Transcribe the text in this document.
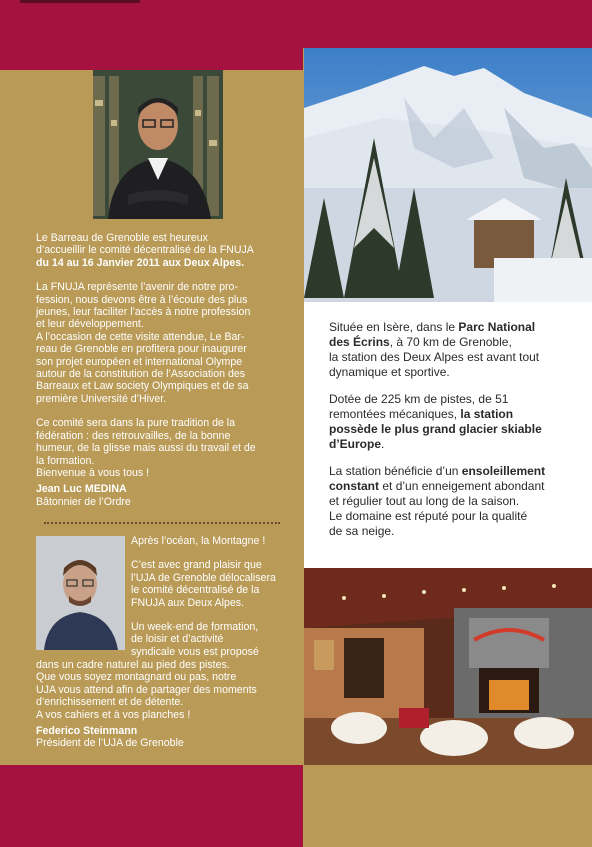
Située en Isère, dans le Parc National
des Écrins, à 70 km de Grenoble,
la station des Deux Alpes est avant tout
dynamique et sportive.

Dotée de 225 km de pistes, de 51
remontées mécaniques, la station
possède le plus grand glacier skiable
d’Europe.

La station bénéficie d’un ensoleillement
constant et d’un enneigement abondant
et régulier tout au long de la saison.
Le domaine est réputé pour la qualité
de sa neige.

Le Barreau de Grenoble est heureux
d’accueillir le comité décentralisé de la FNUJA
du 14 au 16 Janvier 2011 aux Deux Alpes.

La FNUJA représente l’avenir de notre pro-
fession, nous devons être à l’écoute des plus
jeunes, leur faciliter l’accès à notre profession
et leur développement.
A l’occasion de cette visite attendue, Le Bar-
reau de Grenoble en profitera pour inaugurer
son projet européen et international Olympe
autour de la constitution de l’Association des
Barreaux et Law society Olympiques et de sa
première Université d’Hiver.

Ce comité sera dans la pure tradition de la
fédération : des retrouvailles, de la bonne
humeur, de la glisse mais aussi du travail et de
la formation.
Bienvenue à vous tous !

Jean Luc MEDINA
Bâtonnier de l’Ordre

Après l’océan, la Montagne !

C’est avec grand plaisir que
l’UJA de Grenoble délocalisera
le comité décentralisé de la
FNUJA aux Deux Alpes.

Un week-end de formation,
de loisir et d’activité
syndicale vous est proposé

dans un cadre naturel au pied des pistes.
Que vous soyez montagnard ou pas, notre
UJA vous attend afin de partager des moments
d’enrichissement et de détente.
A vos cahiers et à vos planches !

Federico Steinmann
Président de l’UJA de Grenoble
